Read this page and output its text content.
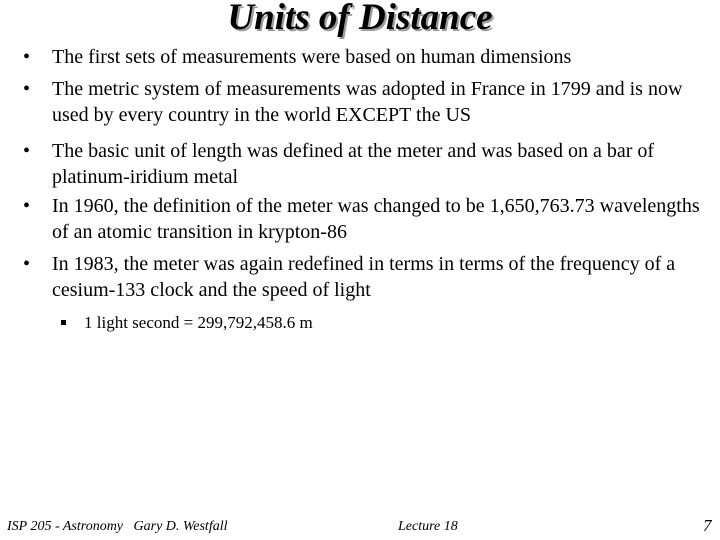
Units of Distance
• The first sets of measurements were based on human dimensions
• The metric system of measurements was adopted in France in 1799 and is now used by every country in the world EXCEPT the US
• The basic unit of length was defined at the meter and was based on a bar of platinum-iridium metal
• In 1960, the definition of the meter was changed to be 1,650,763.73 wavelengths of an atomic transition in krypton-86
• In 1983, the meter was again redefined in terms in terms of the frequency of a cesium-133 clock and the speed of light
1 light second = 299,792,458.6 m
ISP 205 - Astronomy   Gary D. Westfall	Lecture 18	7
